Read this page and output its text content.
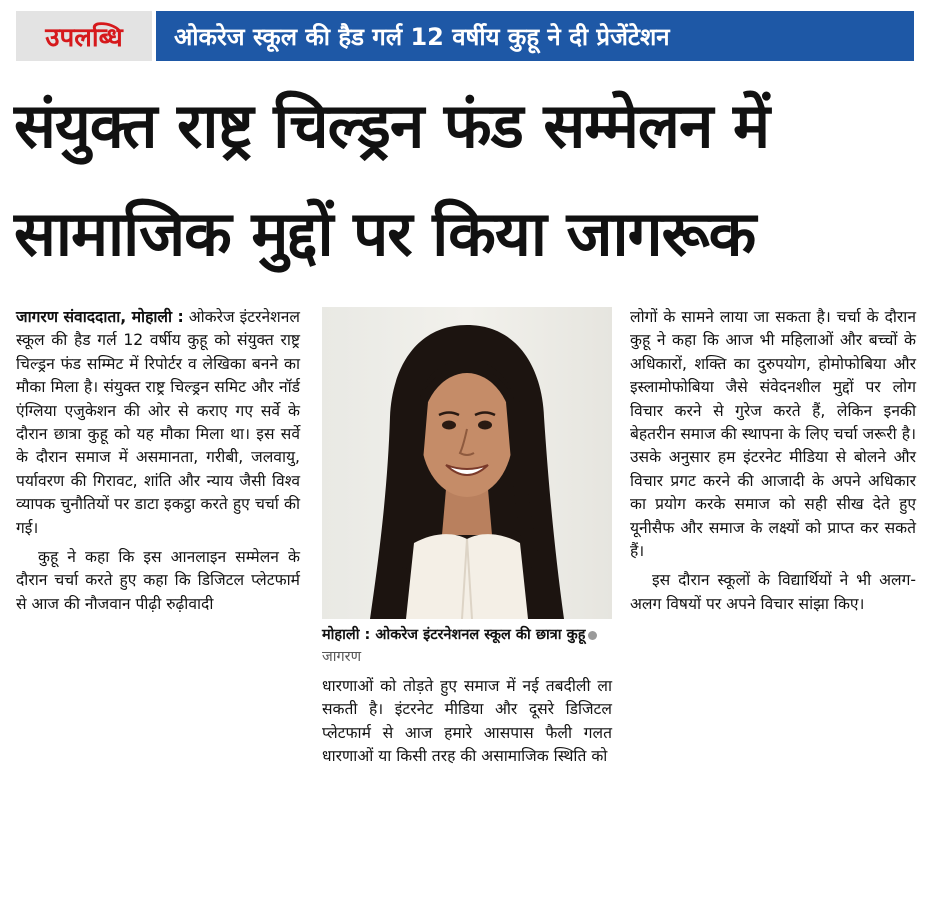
उपलब्धि	ओकरेज स्कूल की हैड गर्ल 12 वर्षीय कुहू ने दी प्रेजेंटेशन
संयुक्त राष्ट्र चिल्ड्रन फंड सम्मेलन में
सामाजिक मुद्दों पर किया जागरूक

जागरण संवाददाता, मोहाली : ओकरेज इंटरनेशनल स्कूल की हैड गर्ल 12 वर्षीय कुहू को संयुक्त राष्ट्र चिल्ड्रन फंड सम्मिट में रिपोर्टर व लेखिका बनने का मौका मिला है। संयुक्त राष्ट्र चिल्ड्रन समिट और नॉर्ड एंग्लिया एजुकेशन की ओर से कराए गए सर्वे के दौरान छात्रा कुहू को यह मौका मिला था। इस सर्वे के दौरान समाज में असमानता, गरीबी, जलवायु, पर्यावरण की गिरावट, शांति और न्याय जैसी विश्व व्यापक चुनौतियों पर डाटा इकट्ठा करते हुए चर्चा की गई।

कुहू ने कहा कि इस आनलाइन सम्मेलन के दौरान चर्चा करते हुए कहा कि डिजिटल प्लेटफार्म से आज की नौजवान पीढ़ी रुढ़ीवादी

मोहाली : ओकरेज इंटरनेशनल स्कूल की छात्रा कुहूजागरण

धारणाओं को तोड़ते हुए समाज में नई तबदीली ला सकती है। इंटरनेट मीडिया और दूसरे डिजिटल प्लेटफार्म से आज हमारे आसपास फैली गलत धारणाओं या किसी तरह की असामाजिक स्थिति को

लोगों के सामने लाया जा सकता है। चर्चा के दौरान कुहू ने कहा कि आज भी महिलाओं और बच्चों के अधिकारों, शक्ति का दुरुपयोग, होमोफोबिया और इस्लामोफोबिया जैसे संवेदनशील मुद्दों पर लोग विचार करने से गुरेज करते हैं, लेकिन इनकी बेहतरीन समाज की स्थापना के लिए चर्चा जरूरी है। उसके अनुसार हम इंटरनेट मीडिया से बोलने और विचार प्रगट करने की आजादी के अपने अधिकार का प्रयोग करके समाज को सही सीख देते हुए यूनीसैफ और समाज के लक्ष्यों को प्राप्त कर सकते हैं।

इस दौरान स्कूलों के विद्यार्थियों ने भी अलग-अलग विषयों पर अपने विचार सांझा किए।
